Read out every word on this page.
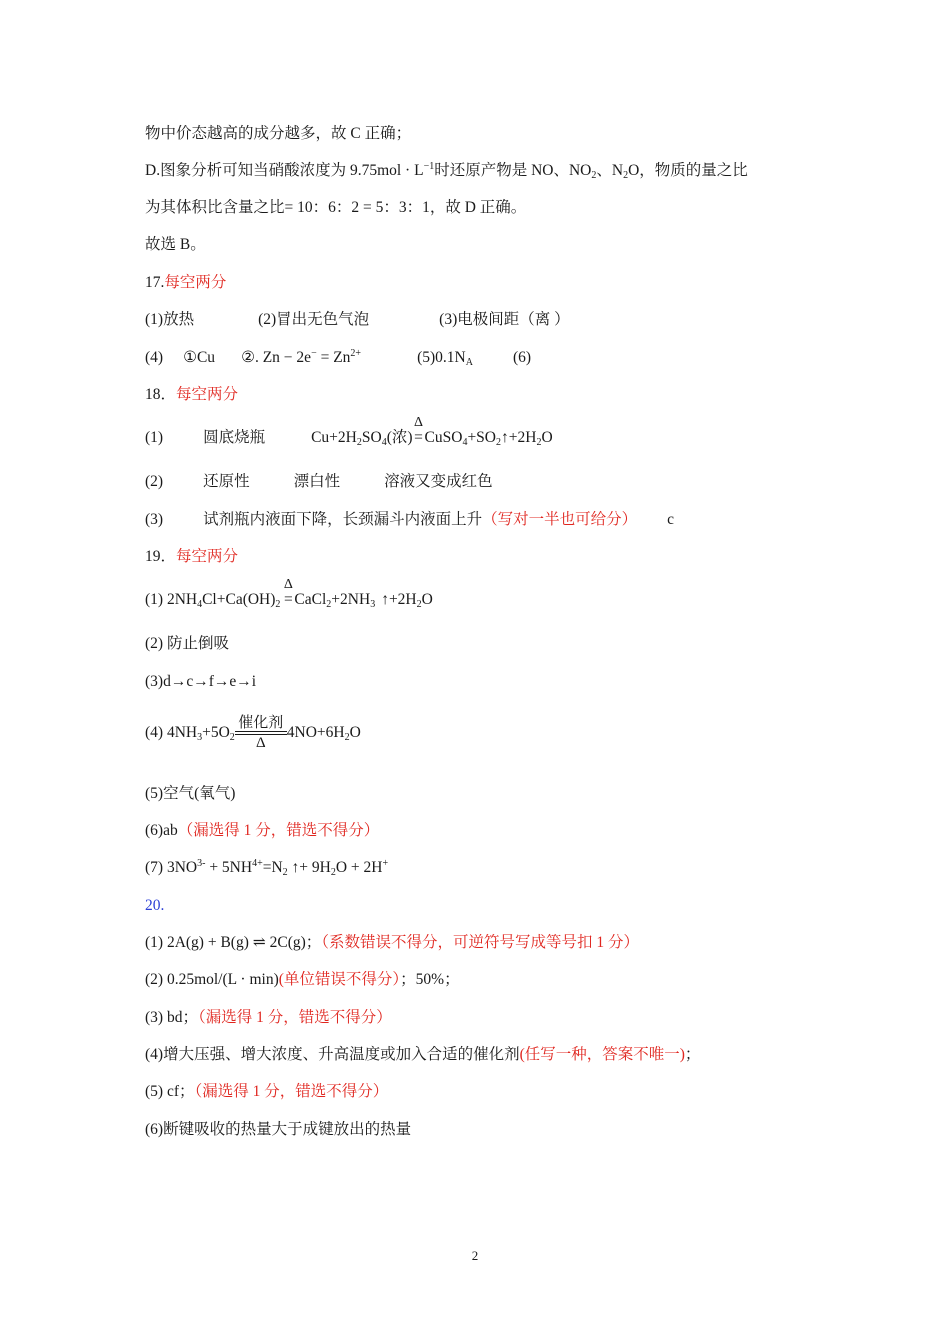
物中价态越高的成分越多，故 C 正确；
D.图象分析可知当硝酸浓度为 $9.75mol \cdot L^{-1}$时还原产物是 NO、$NO_2$、$N_2O$，物质的量之比
为其体积比含量之比= 10：6：2 = 5：3：1，故 D 正确。
故选 B。
17.每空两分
(1)放热	(2)冒出无色气泡	(3)电极间距（离 ）
(4) ①Cu ②. $Zn - 2e^- = Zn^{2+}$	$(5)0.1N_A$	(6)
18．每空两分
(1)	圆底烧瓶	$Cu+2H_2SO_4$(浓)
Δ
= $CuSO_4+SO_2↑+2H_2O$
(2)	还原性	漂白性	溶液又变成红色
(3)	试剂瓶内液面下降，长颈漏斗内液面上升（写对一半也可给分） c
19．每空两分
(1) $2NH_4Cl+Ca(OH)_2$
Δ
= $CaCl_2+2NH_3$ $↑+2H_2O$
(2) 防止倒吸
(3)d→c→f→e→i
(4) $4NH_3+5O_2$
催化剂
Δ
$4NO+6H_2O$
(5)空气(氧气)
(6)ab（漏选得 1 分，错选不得分）
(7) $3NO^{3-} + 5NH^{4+}=N_2$ ↑+ $9H_2O + 2H^+$
20.
(1) 2A(g) + B(g) ⇌ 2C(g)；（系数错误不得分，可逆符号写成等号扣 1 分）
(2) 0.25mol/(L · min)(单位错误不得分）；50%；
(3) bd；（漏选得 1 分，错选不得分）
(4)增大压强、增大浓度、升高温度或加入合适的催化剂(任写一种，答案不唯一)；
(5) cf；（漏选得 1 分，错选不得分）
(6)断键吸收的热量大于成键放出的热量
2
